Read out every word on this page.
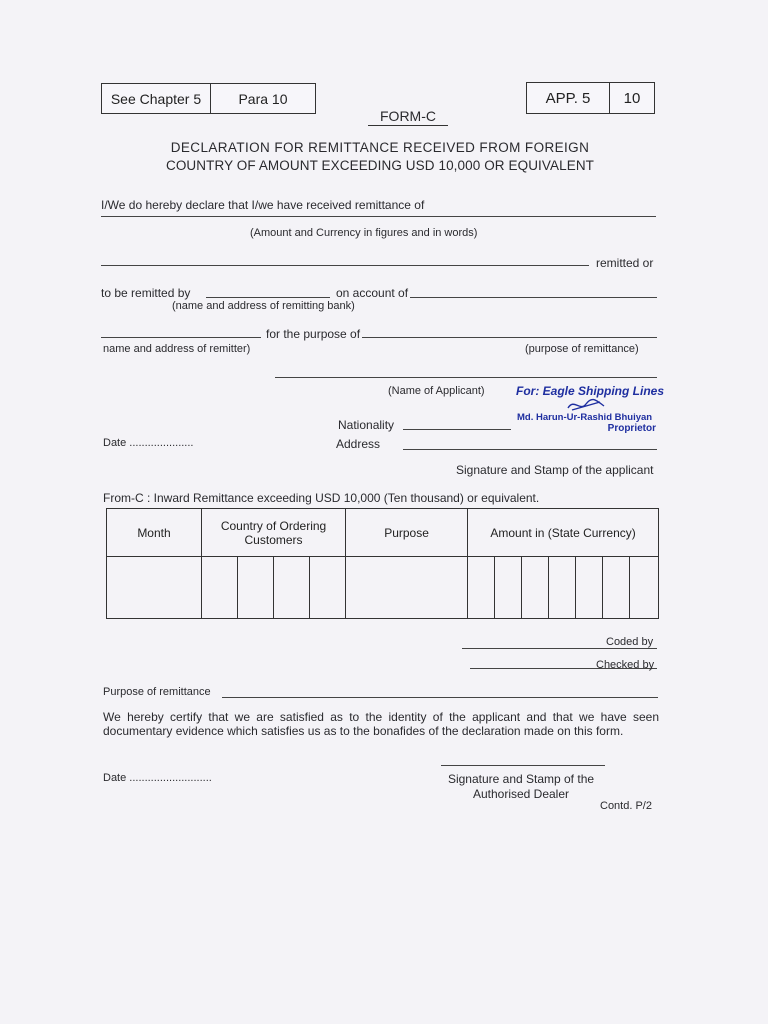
See Chapter 5	Para 10	APP. 5 10
FORM-C
DECLARATION FOR REMITTANCE RECEIVED FROM FOREIGN
COUNTRY OF AMOUNT EXCEEDING USD 10,000 OR EQUIVALENT
I/We do hereby declare that I/we have received remittance of
(Amount and Currency in figures and in words)
remitted or
to be remitted by	on account of
(name and address of remitting bank)
for the purpose of
name and address of remitter)	(purpose of remittance)
(Name of Applicant)	For: Eagle Shipping Lines
Md. Harun-Ur-Rashid Bhuiyan
Proprietor
Nationality
Date .....................	Address
Signature and Stamp of the applicant
From-C : Inward Remittance exceeding USD 10,000 (Ten thousand) or equivalent.
Month	Country of Ordering Customers				Purpose	Amount in (State Currency)						

Coded by
Checked by
Purpose of remittance
We hereby certify that we are satisfied as to the identity of the applicant and that we have seen documentary evidence which satisfies us as to the bonafides of the declaration made on this form.
Date ...........................	Signature and Stamp of the
Authorised Dealer
Contd. P/2
